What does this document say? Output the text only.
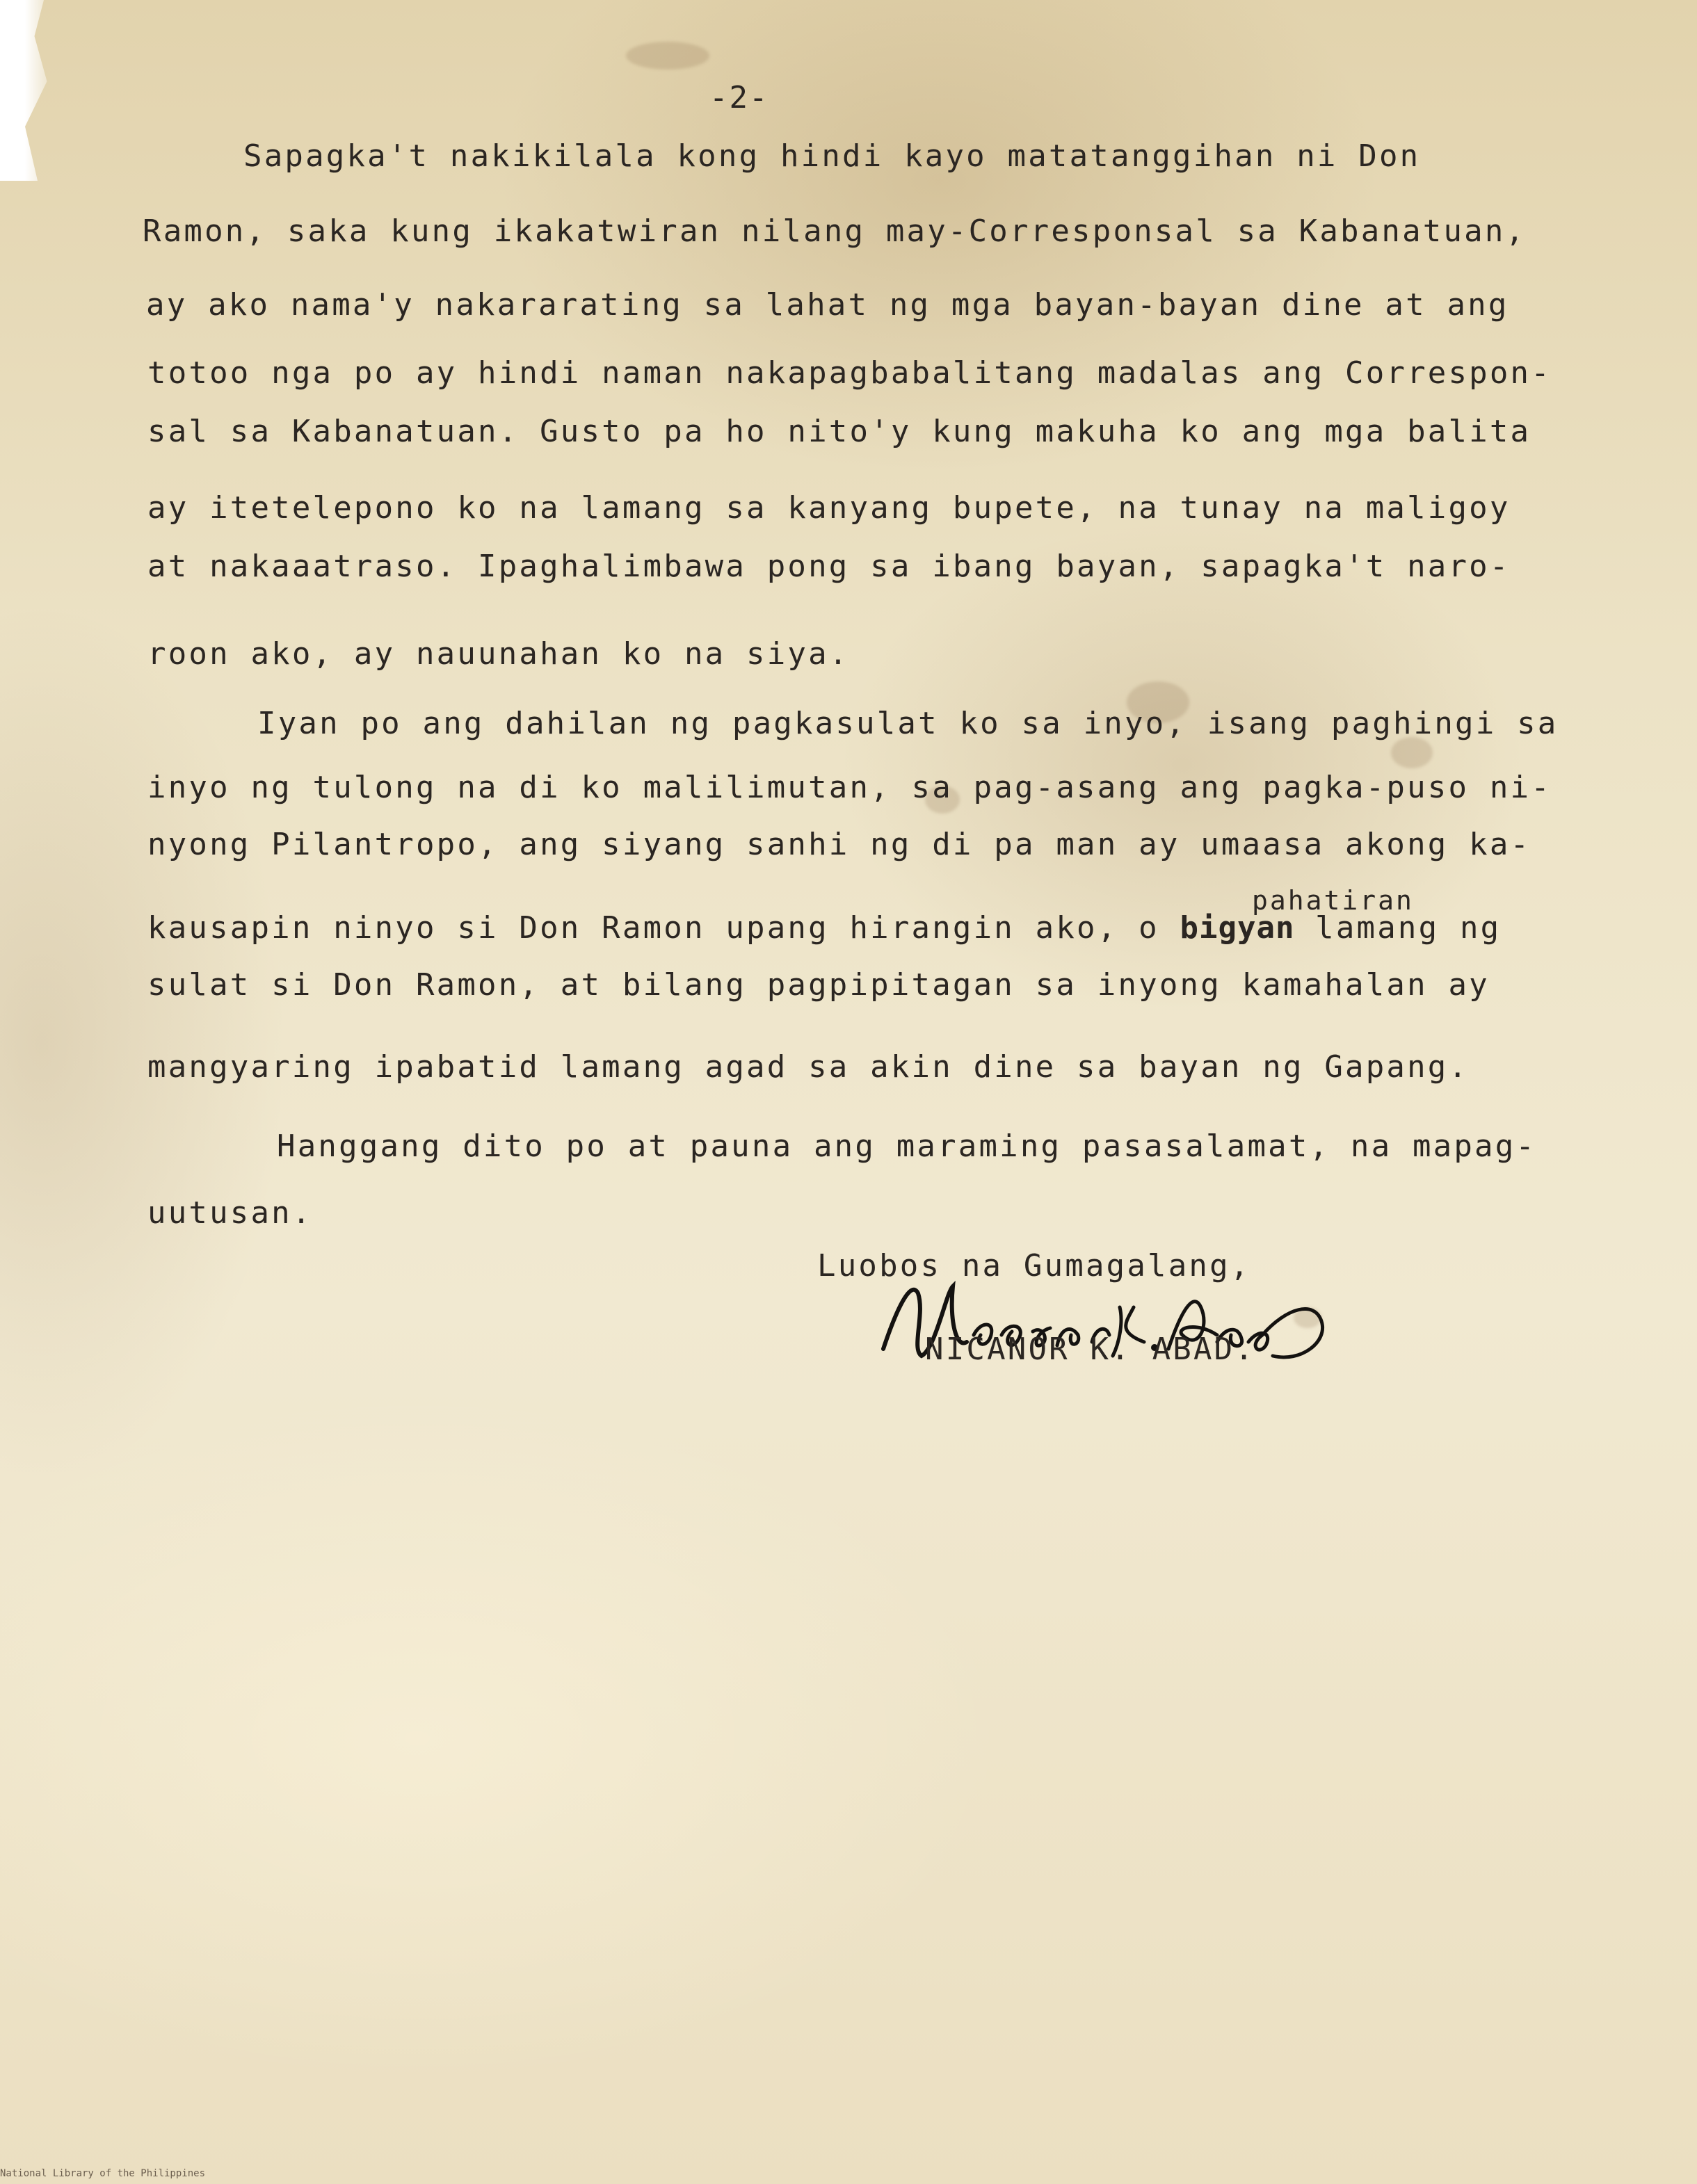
-2-
Sapagka't nakikilala kong hindi kayo matatanggihan ni Don
Ramon, saka kung ikakatwiran nilang may-Corresponsal sa Kabanatuan,
ay ako nama'y nakararating sa lahat ng mga bayan-bayan dine at ang
totoo nga po ay hindi naman nakapagbabalitang madalas ang Correspon-
sal sa Kabanatuan. Gusto pa ho nito'y kung makuha ko ang mga balita
ay itetelepono ko na lamang sa kanyang bupete, na tunay na maligoy
at nakaaatraso. Ipaghalimbawa pong sa ibang bayan, sapagka't naro-
roon ako, ay nauunahan ko na siya.
Iyan po ang dahilan ng pagkasulat ko sa inyo, isang paghingi sa
inyo ng tulong na di ko malilimutan, sa pag-asang ang pagka-puso ni-
nyong Pilantropo, ang siyang sanhi ng di pa man ay umaasa akong ka-
pahatiran
kausapin ninyo si Don Ramon upang hirangin ako, o bigyan lamang ng
sulat si Don Ramon, at bilang pagpipitagan sa inyong kamahalan ay
mangyaring ipabatid lamang agad sa akin dine sa bayan ng Gapang.
Hanggang dito po at pauna ang maraming pasasalamat, na mapag-
uutusan.
Luobos na Gumagalang,
NICANOR K. ABAD.
National Library of the Philippines
